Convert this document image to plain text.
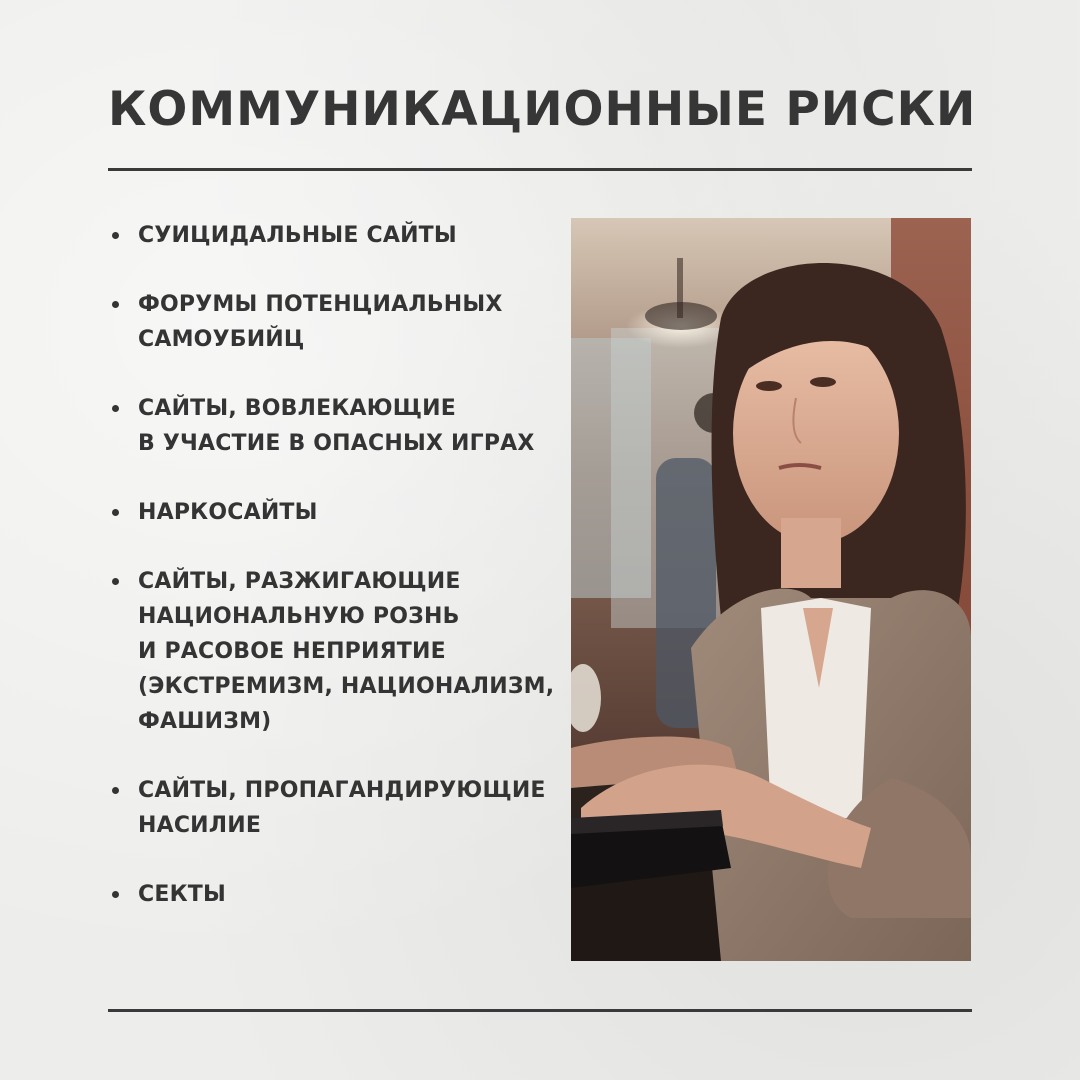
КОММУНИКАЦИОННЫЕ РИСКИ
СУИЦИДАЛЬНЫЕ САЙТЫ
ФОРУМЫ ПОТЕНЦИАЛЬНЫХ
САМОУБИЙЦ
САЙТЫ, ВОВЛЕКАЮЩИЕ
В УЧАСТИЕ В ОПАСНЫХ ИГРАХ
НАРКОСАЙТЫ
САЙТЫ, РАЗЖИГАЮЩИЕ
НАЦИОНАЛЬНУЮ РОЗНЬ
И РАСОВОЕ НЕПРИЯТИЕ
(ЭКСТРЕМИЗМ, НАЦИОНАЛИЗМ,
ФАШИЗМ)
САЙТЫ, ПРОПАГАНДИРУЮЩИЕ
НАСИЛИЕ
СЕКТЫ
